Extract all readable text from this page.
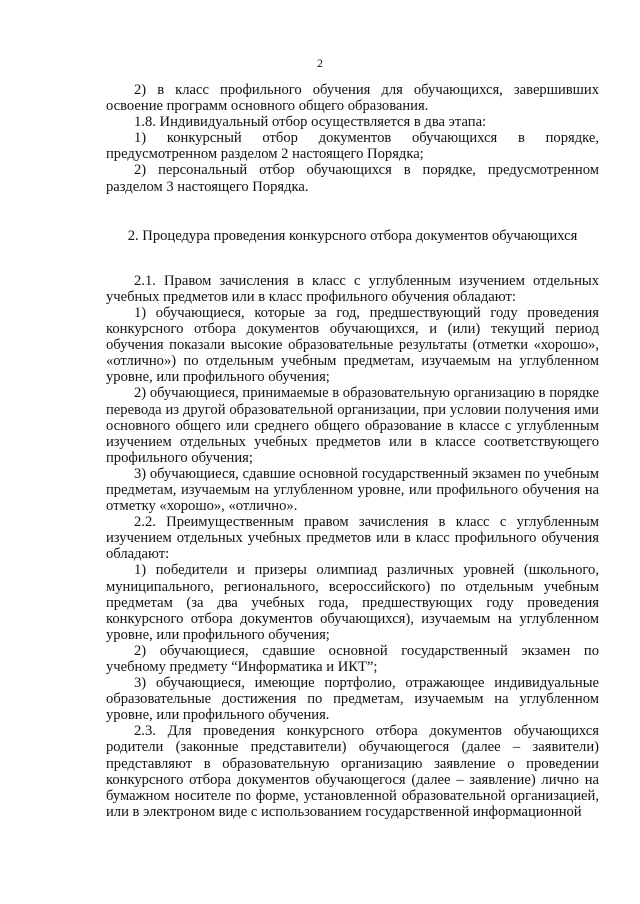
2

2) в класс профильного обучения для обучающихся, завершивших освоение программ основного общего образования.

1.8. Индивидуальный отбор осуществляется в два этапа:

1) конкурсный отбор документов обучающихся в порядке, предусмотренном разделом 2 настоящего Порядка;

2) персональный отбор обучающихся в порядке, предусмотренном разделом 3 настоящего Порядка.

2. Процедура проведения конкурсного отбора документов обучающихся

2.1. Правом зачисления в класс с углубленным изучением отдельных учебных предметов или в класс профильного обучения обладают:

1) обучающиеся, которые за год, предшествующий году проведения конкурсного отбора документов обучающихся, и (или) текущий период обучения показали высокие образовательные результаты (отметки «хорошо», «отлично») по отдельным учебным предметам, изучаемым на углубленном уровне, или профильного обучения;

2) обучающиеся, принимаемые в образовательную организацию в порядке перевода из другой образовательной организации, при условии получения ими основного общего или среднего общего образование в классе с углубленным изучением отдельных учебных предметов или в классе соответствующего профильного обучения;

3) обучающиеся, сдавшие основной государственный экзамен по учебным предметам, изучаемым на углубленном уровне, или профильного обучения на отметку «хорошо», «отлично».

2.2. Преимущественным правом зачисления в класс с углубленным изучением отдельных учебных предметов или в класс профильного обучения обладают:

1) победители и призеры олимпиад различных уровней (школьного, муниципального, регионального, всероссийского) по отдельным учебным предметам (за два учебных года, предшествующих году проведения конкурсного отбора документов обучающихся), изучаемым на углубленном уровне, или профильного обучения;

2) обучающиеся, сдавшие основной государственный экзамен по учебному предмету “Информатика и ИКТ”;

3) обучающиеся, имеющие портфолио, отражающее индивидуальные образовательные достижения по предметам, изучаемым на углубленном уровне, или профильного обучения.

2.3. Для проведения конкурсного отбора документов обучающихся родители (законные представители) обучающегося (далее – заявители) представляют в образовательную организацию заявление о проведении конкурсного отбора документов обучающегося (далее – заявление) лично на бумажном носителе по форме, установленной образовательной организацией, или в электроном виде с использованием государственной информационной
